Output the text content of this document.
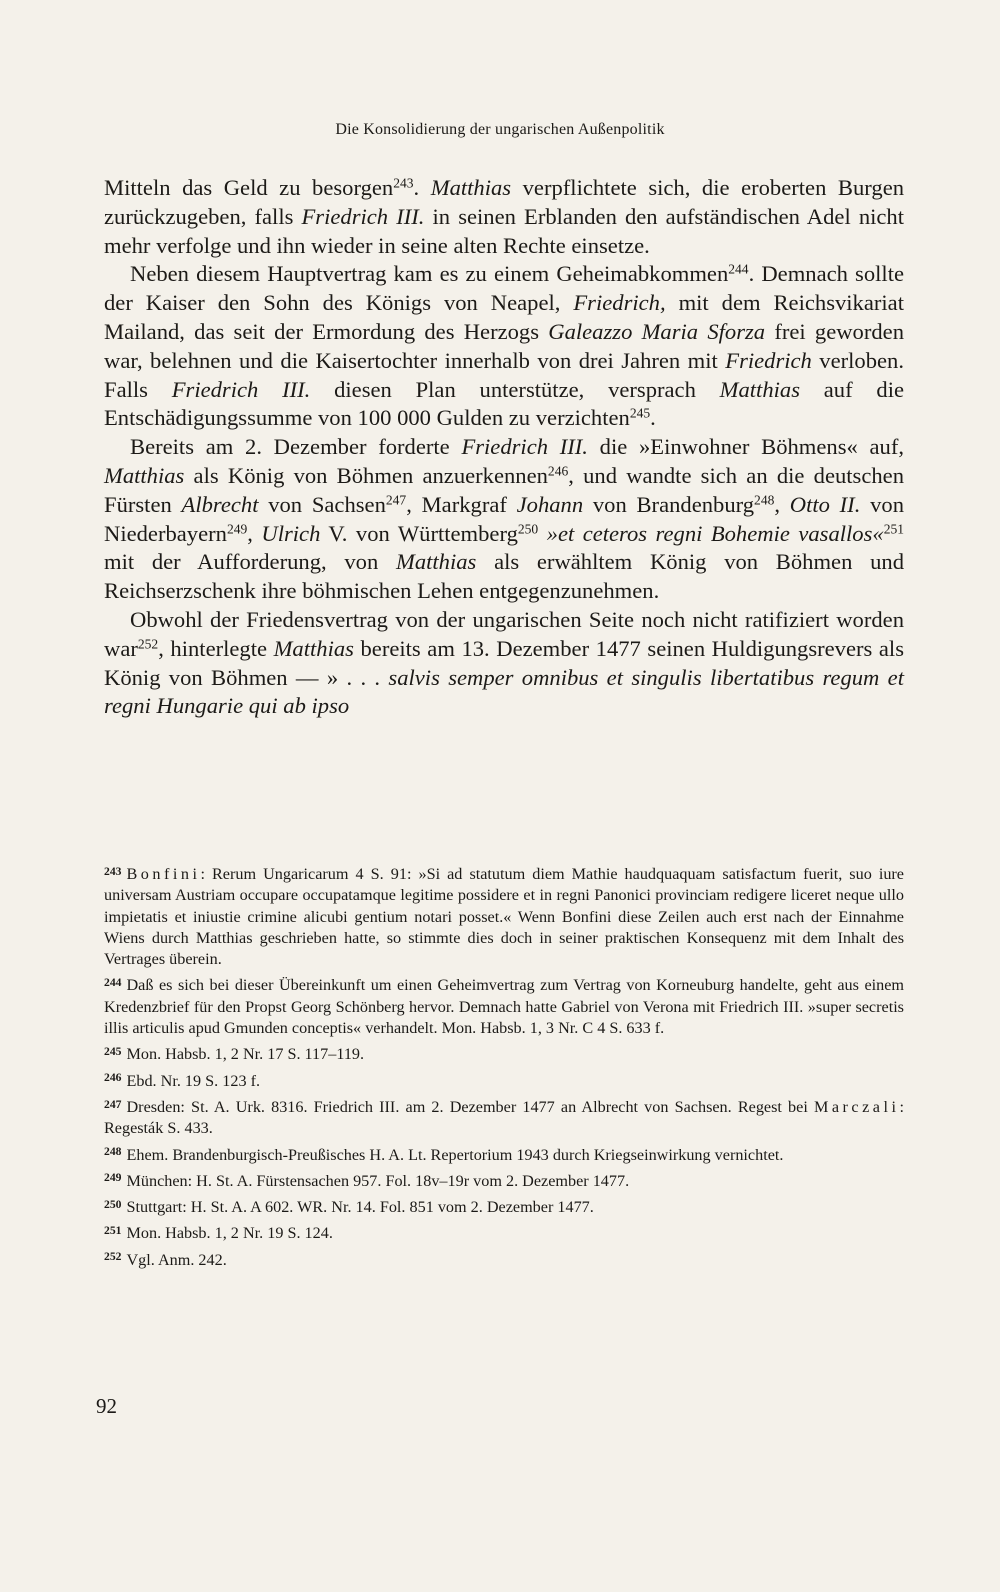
Die Konsolidierung der ungarischen Außenpolitik

Mitteln das Geld zu besorgen$^{243}$. Matthias verpflichtete sich, die eroberten Burgen zurückzugeben, falls Friedrich III. in seinen Erblanden den aufständischen Adel nicht mehr verfolge und ihn wieder in seine alten Rechte einsetze.

Neben diesem Hauptvertrag kam es zu einem Geheimabkommen$^{244}$. Demnach sollte der Kaiser den Sohn des Königs von Neapel, Friedrich, mit dem Reichsvikariat Mailand, das seit der Ermordung des Herzogs Galeazzo Maria Sforza frei geworden war, belehnen und die Kaisertochter innerhalb von drei Jahren mit Friedrich verloben. Falls Friedrich III. diesen Plan unterstütze, versprach Matthias auf die Entschädigungssumme von 100 000 Gulden zu verzichten$^{245}$.

Bereits am 2. Dezember forderte Friedrich III. die »Einwohner Böhmens« auf, Matthias als König von Böhmen anzuerkennen$^{246}$, und wandte sich an die deutschen Fürsten Albrecht von Sachsen$^{247}$, Markgraf Johann von Brandenburg$^{248}$, Otto II. von Niederbayern$^{249}$, Ulrich V. von Württemberg$^{250}$ »et ceteros regni Bohemie vasallos«$^{251}$ mit der Aufforderung, von Matthias als erwähltem König von Böhmen und Reichserzschenk ihre böhmischen Lehen entgegenzunehmen.

Obwohl der Friedensvertrag von der ungarischen Seite noch nicht ratifiziert worden war$^{252}$, hinterlegte Matthias bereits am 13. Dezember 1477 seinen Huldigungsrevers als König von Böhmen — » . . . salvis semper omnibus et singulis libertatibus regum et regni Hungarie qui ab ipso

$^{243}$ Bonfini: Rerum Ungaricarum 4 S. 91: »Si ad statutum diem Mathie haudquaquam satisfactum fuerit, suo iure universam Austriam occupare occupatamque legitime possidere et in regni Panonici provinciam redigere liceret neque ullo impietatis et iniustie crimine alicubi gentium notari posset.« Wenn Bonfini diese Zeilen auch erst nach der Einnahme Wiens durch Matthias geschrieben hatte, so stimmte dies doch in seiner praktischen Konsequenz mit dem Inhalt des Vertrages überein.
$^{244}$ Daß es sich bei dieser Übereinkunft um einen Geheimvertrag zum Vertrag von Korneuburg handelte, geht aus einem Kredenzbrief für den Propst Georg Schönberg hervor. Demnach hatte Gabriel von Verona mit Friedrich III. »super secretis illis articulis apud Gmunden conceptis« verhandelt. Mon. Habsb. 1, 3 Nr. C 4 S. 633 f.
$^{245}$ Mon. Habsb. 1, 2 Nr. 17 S. 117–119.
$^{246}$ Ebd. Nr. 19 S. 123 f.
$^{247}$ Dresden: St. A. Urk. 8316. Friedrich III. am 2. Dezember 1477 an Albrecht von Sachsen. Regest bei Marczali: Regesták S. 433.
$^{248}$ Ehem. Brandenburgisch-Preußisches H. A. Lt. Repertorium 1943 durch Kriegseinwirkung vernichtet.
$^{249}$ München: H. St. A. Fürstensachen 957. Fol. 18v–19r vom 2. Dezember 1477.
$^{250}$ Stuttgart: H. St. A. A 602. WR. Nr. 14. Fol. 851 vom 2. Dezember 1477.
$^{251}$ Mon. Habsb. 1, 2 Nr. 19 S. 124.
$^{252}$ Vgl. Anm. 242.
92
